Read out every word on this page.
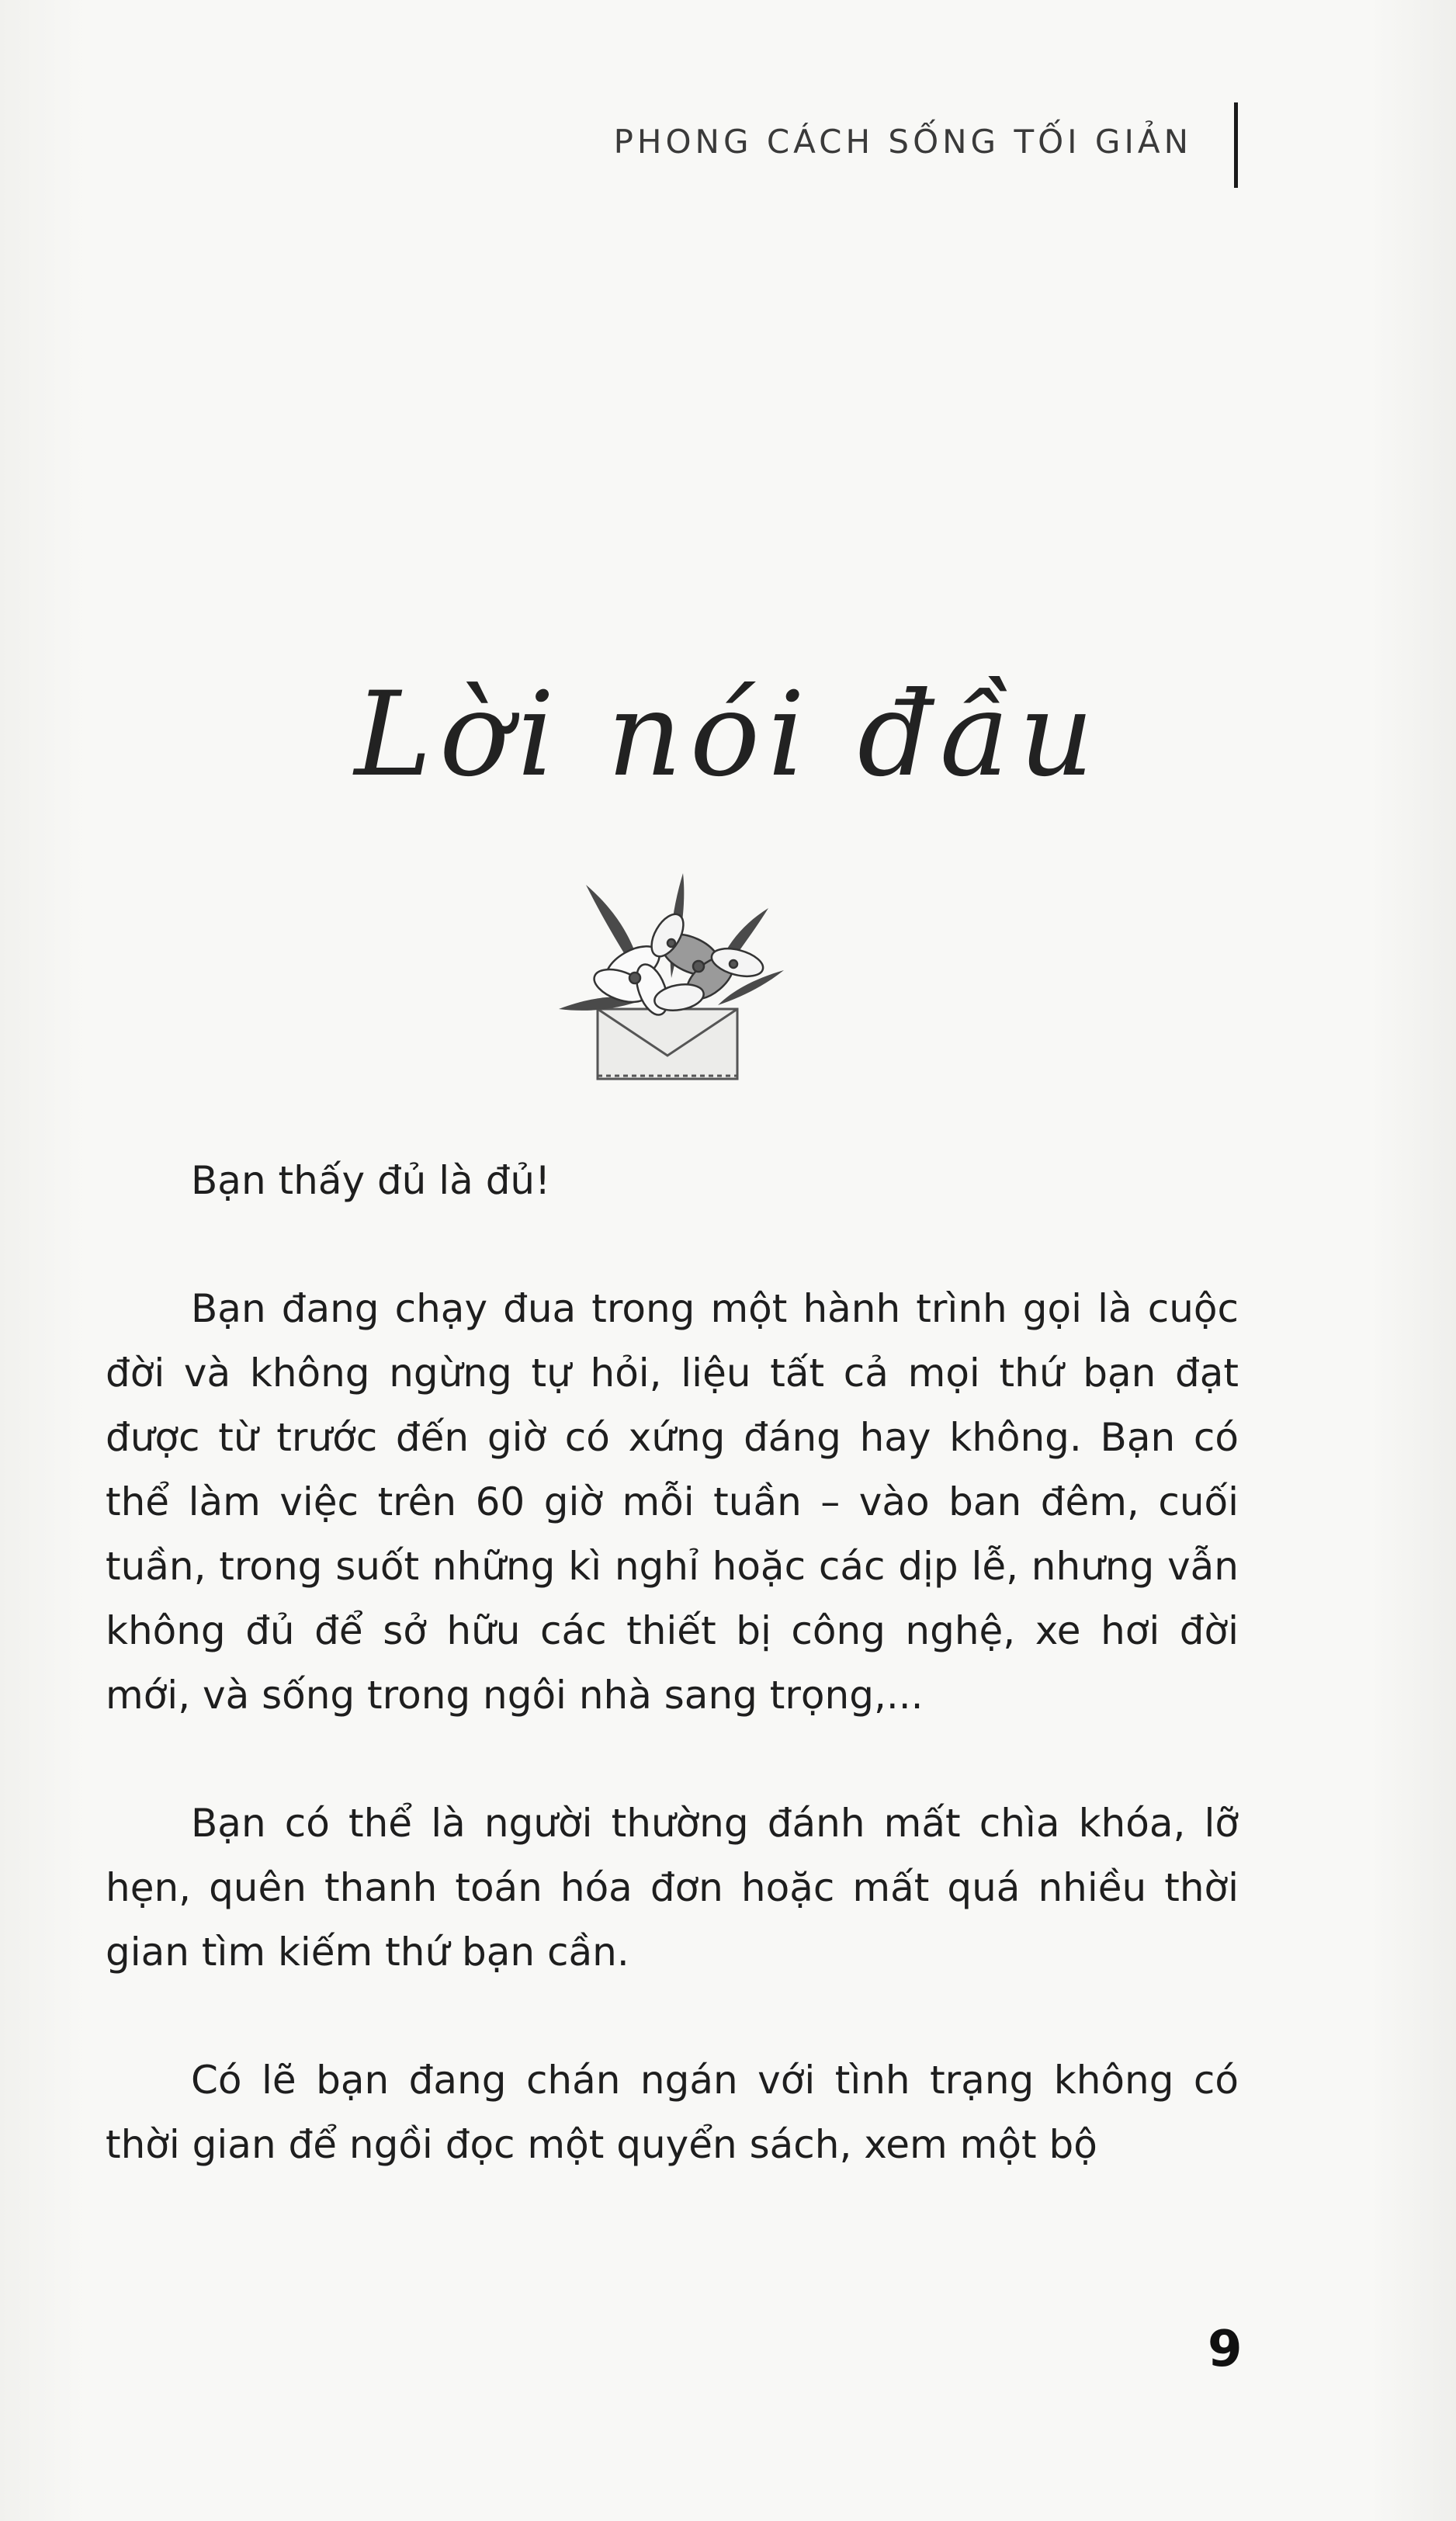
PHONG CÁCH SỐNG TỐI GIẢN
Lời nói đầu

Bạn thấy đủ là đủ!

Bạn đang chạy đua trong một hành trình gọi là cuộc đời và không ngừng tự hỏi, liệu tất cả mọi thứ bạn đạt được từ trước đến giờ có xứng đáng hay không. Bạn có thể làm việc trên 60 giờ mỗi tuần – vào ban đêm, cuối tuần, trong suốt những kì nghỉ hoặc các dịp lễ, nhưng vẫn không đủ để sở hữu các thiết bị công nghệ, xe hơi đời mới, và sống trong ngôi nhà sang trọng,...

Bạn có thể là người thường đánh mất chìa khóa, lỡ hẹn, quên thanh toán hóa đơn hoặc mất quá nhiều thời gian tìm kiếm thứ bạn cần.

Có lẽ bạn đang chán ngán với tình trạng không có thời gian để ngồi đọc một quyển sách, xem một bộ

9
